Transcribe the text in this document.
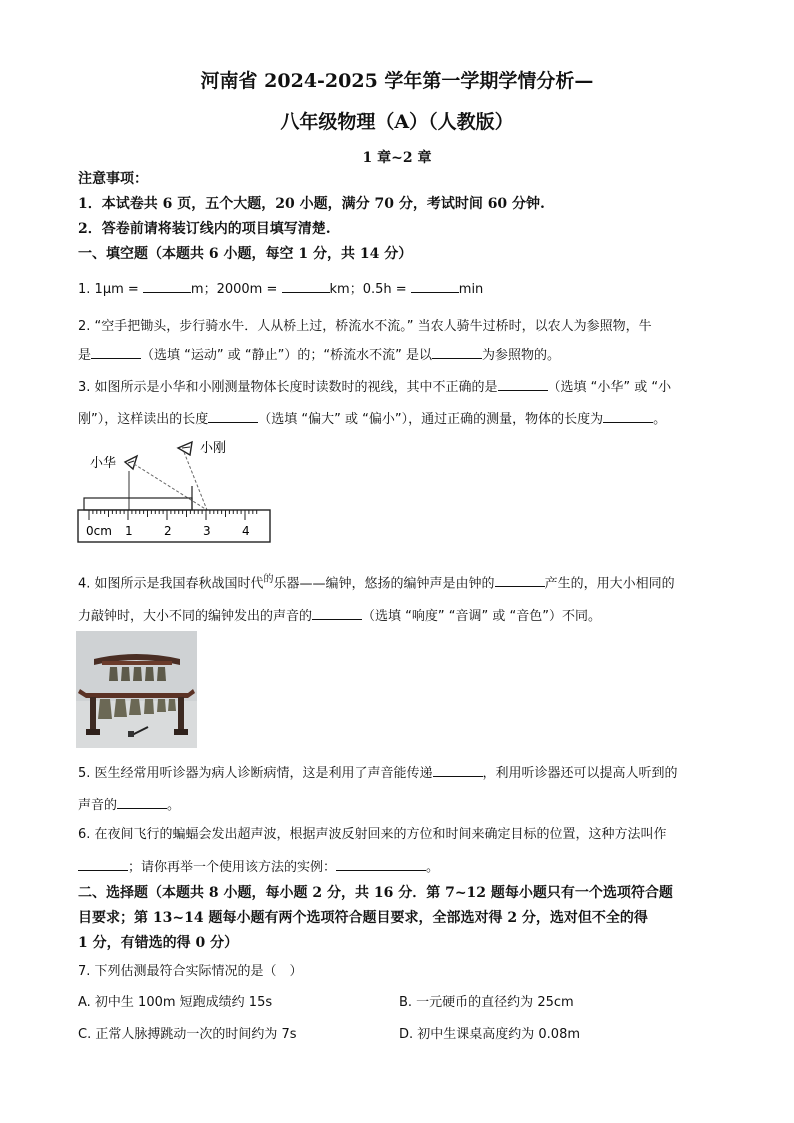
河南省 2024-2025 学年第一学期学情分析—
八年级物理（A）（人教版）
1 章~2 章
注意事项：
1．本试卷共 6 页，五个大题，20 小题，满分 70 分，考试时间 60 分钟.
2．答卷前请将装订线内的项目填写清楚.
一、填空题（本题共 6 小题，每空 1 分，共 14 分）
1. 1μm =	m；2000m =	km；0.5h =	min
2. “空手把锄头，步行骑水牛．人从桥上过，桥流水不流。” 当农人骑牛过桥时，以农人为参照物，牛
是	（选填 “运动” 或 “静止”）的；“桥流水不流” 是以	为参照物的。
3. 如图所示是小华和小刚测量物体长度时读数时的视线，其中不正确的是	（选填 “小华” 或 “小
刚”），这样读出的长度	（选填 “偏大” 或 “偏小”），通过正确的测量，物体的长度为	。
小华
小刚
0cm 1	2	3	4
4. 如图所示是我国春秋战国时代$^的$乐器——编钟，悠扬的编钟声是由钟的	产生的，用大小相同的
力敲钟时，大小不同的编钟发出的声音的	（选填 “响度” “音调” 或 “音色”）不同。
5. 医生经常用听诊器为病人诊断病情，这是利用了声音能传递	，利用听诊器还可以提高人听到的
声音的	。
6. 在夜间飞行的蝙蝠会发出超声波，根据声波反射回来的方位和时间来确定目标的位置，这种方法叫作
；请你再举一个使用该方法的实例：	。
二、选择题（本题共 8 小题，每小题 2 分，共 16 分．第 7~12 题每小题只有一个选项符合题
目要求；第 13~14 题每小题有两个选项符合题目要求，全部选对得 2 分，选对但不全的得
1 分，有错选的得 0 分）
7. 下列估测最符合实际情况的是（　）
A. 初中生 100m 短跑成绩约 15s	B. 一元硬币的直径约为 25cm
C. 正常人脉搏跳动一次的时间约为 7s	D. 初中生课桌高度约为 0.08m
